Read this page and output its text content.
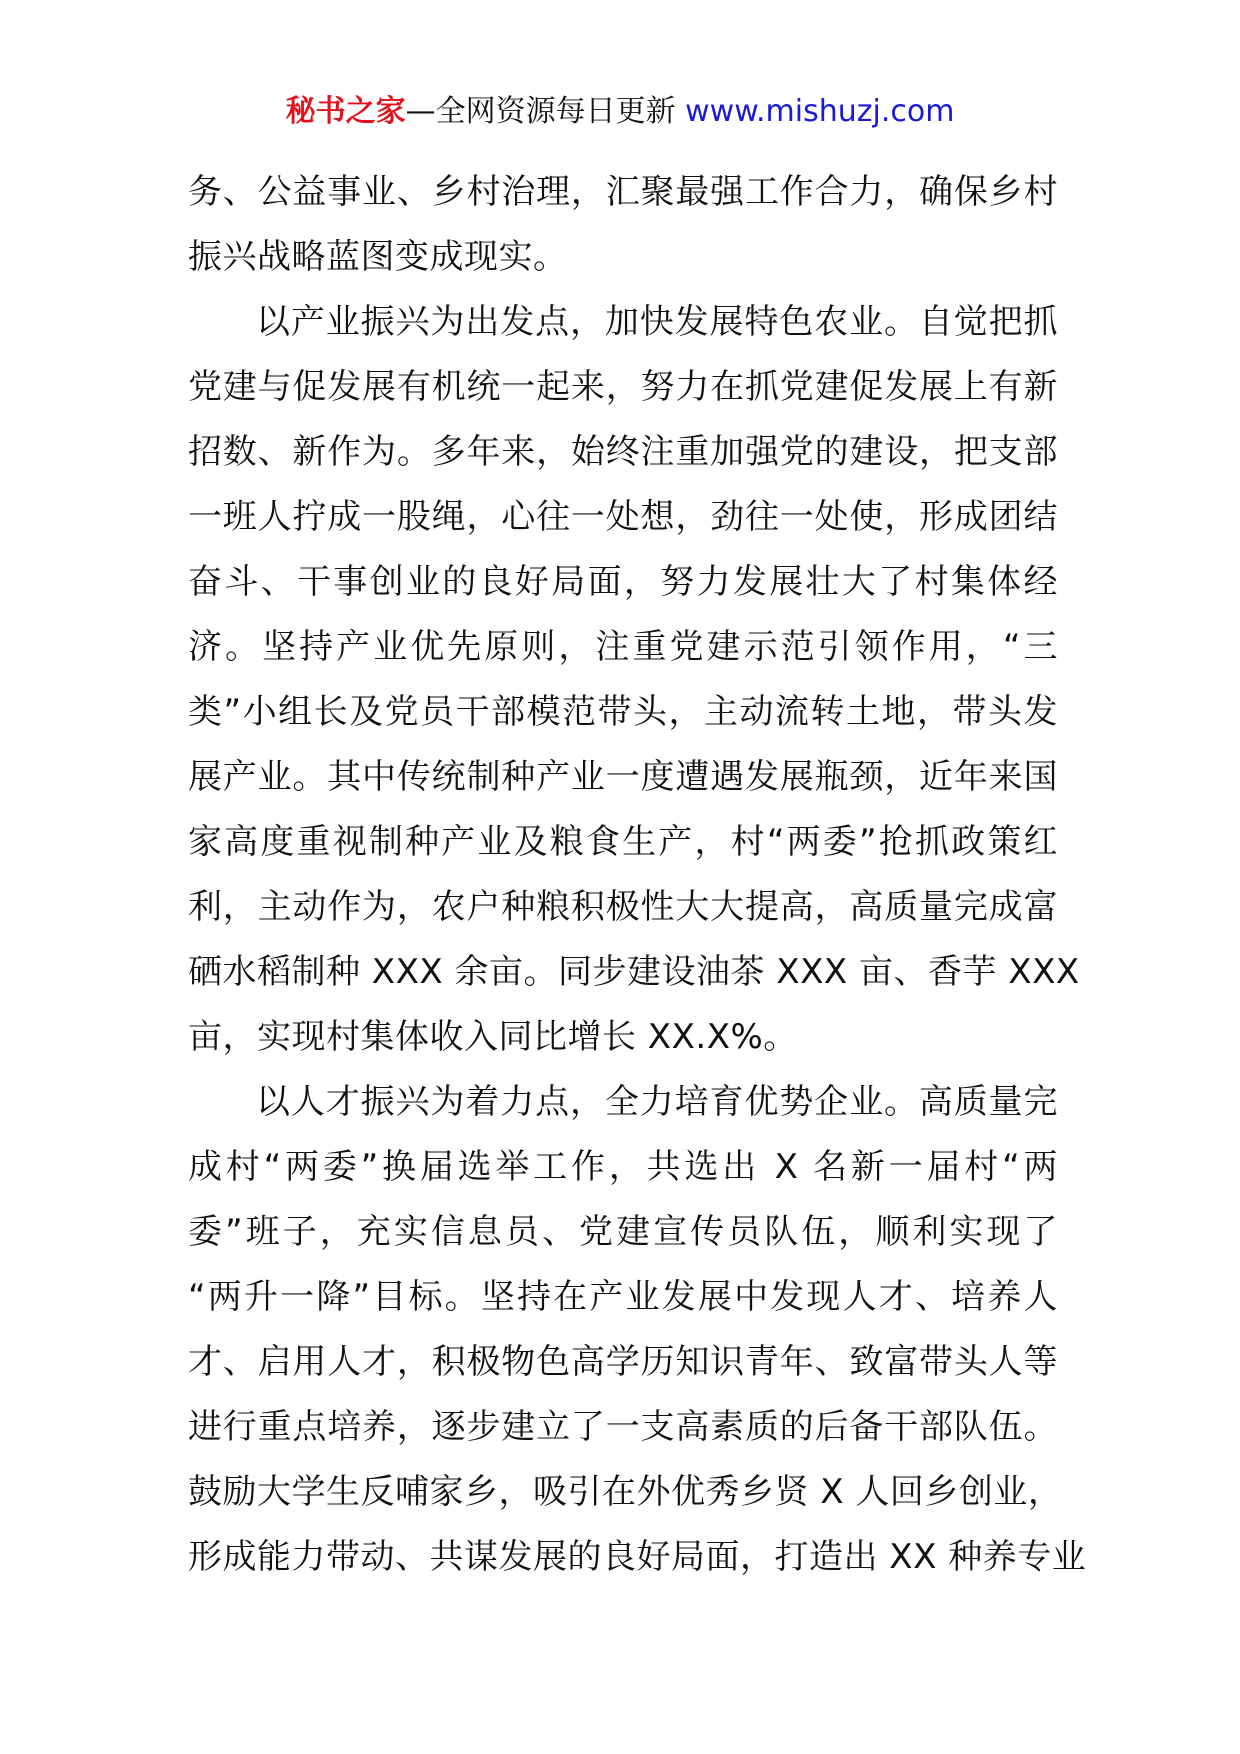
秘书之家—全网资源每日更新 www.mishuzj.com
务、公益事业、乡村治理，汇聚最强工作合力，确保乡村
振兴战略蓝图变成现实。
以产业振兴为出发点，加快发展特色农业。自觉把抓
党建与促发展有机统一起来，努力在抓党建促发展上有新
招数、新作为。多年来，始终注重加强党的建设，把支部
一班人拧成一股绳，心往一处想，劲往一处使，形成团结
奋斗、干事创业的良好局面，努力发展壮大了村集体经
济。坚持产业优先原则，注重党建示范引领作用，“三
类”小组长及党员干部模范带头，主动流转土地，带头发
展产业。其中传统制种产业一度遭遇发展瓶颈，近年来国
家高度重视制种产业及粮食生产，村“两委”抢抓政策红
利，主动作为，农户种粮积极性大大提高，高质量完成富
硒水稻制种 XXX 余亩。同步建设油茶 XXX 亩、香芋 XXX
亩，实现村集体收入同比增长 XX.X%。
以人才振兴为着力点，全力培育优势企业。高质量完
成村“两委”换届选举工作，共选出 X 名新一届村“两
委”班子，充实信息员、党建宣传员队伍，顺利实现了
“两升一降”目标。坚持在产业发展中发现人才、培养人
才、启用人才，积极物色高学历知识青年、致富带头人等
进行重点培养，逐步建立了一支高素质的后备干部队伍。
鼓励大学生反哺家乡，吸引在外优秀乡贤 X 人回乡创业，
形成能力带动、共谋发展的良好局面，打造出 XX 种养专业
